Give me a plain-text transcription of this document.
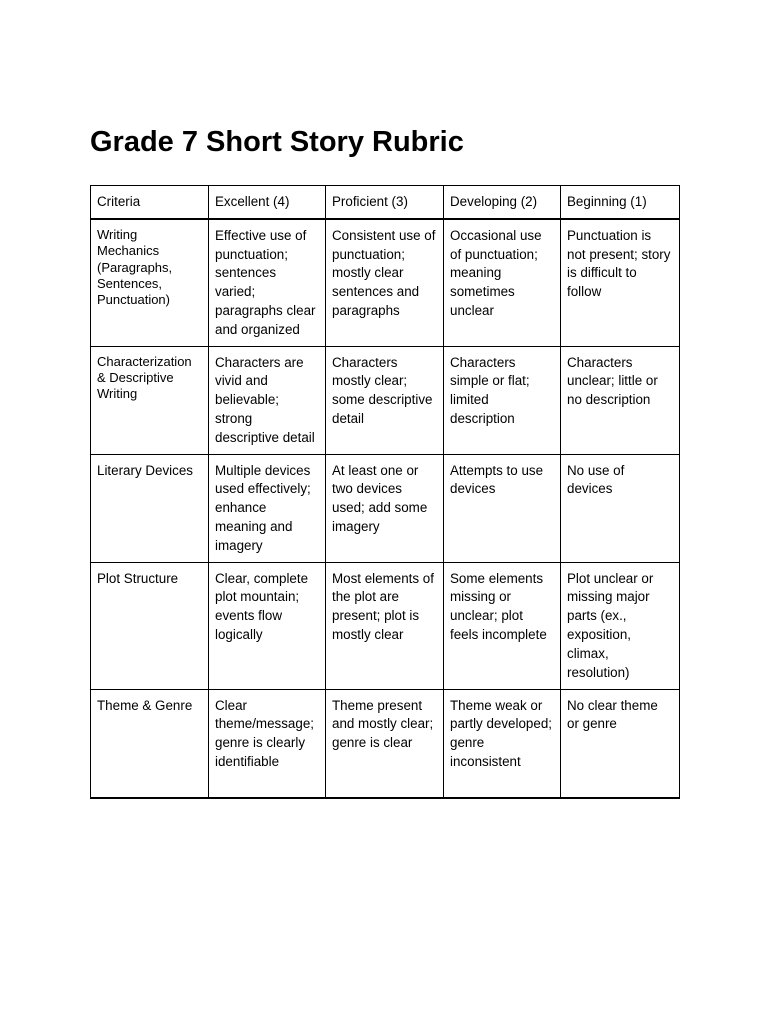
Grade 7 Short Story Rubric
Criteria	Excellent (4)	Proficient (3)	Developing (2)	Beginning (1)
Writing Mechanics (Paragraphs, Sentences, Punctuation)	Effective use of punctuation; sentences varied; paragraphs clear and organized	Consistent use of punctuation; mostly clear sentences and paragraphs	Occasional use of punctuation; meaning sometimes unclear	Punctuation is not present; story is difficult to follow
Characterization & Descriptive Writing	Characters are vivid and believable; strong descriptive detail	Characters mostly clear; some descriptive detail	Characters simple or flat; limited description	Characters unclear; little or no description
Literary Devices	Multiple devices used effectively; enhance meaning and imagery	At least one or two devices used; add some imagery	Attempts to use devices	No use of devices
Plot Structure	Clear, complete plot mountain; events flow logically	Most elements of the plot are present; plot is mostly clear	Some elements missing or unclear; plot feels incomplete	Plot unclear or missing major parts (ex., exposition, climax, resolution)
Theme & Genre	Clear theme/message; genre is clearly identifiable	Theme present and mostly clear; genre is clear	Theme weak or partly developed; genre inconsistent	No clear theme or genre
